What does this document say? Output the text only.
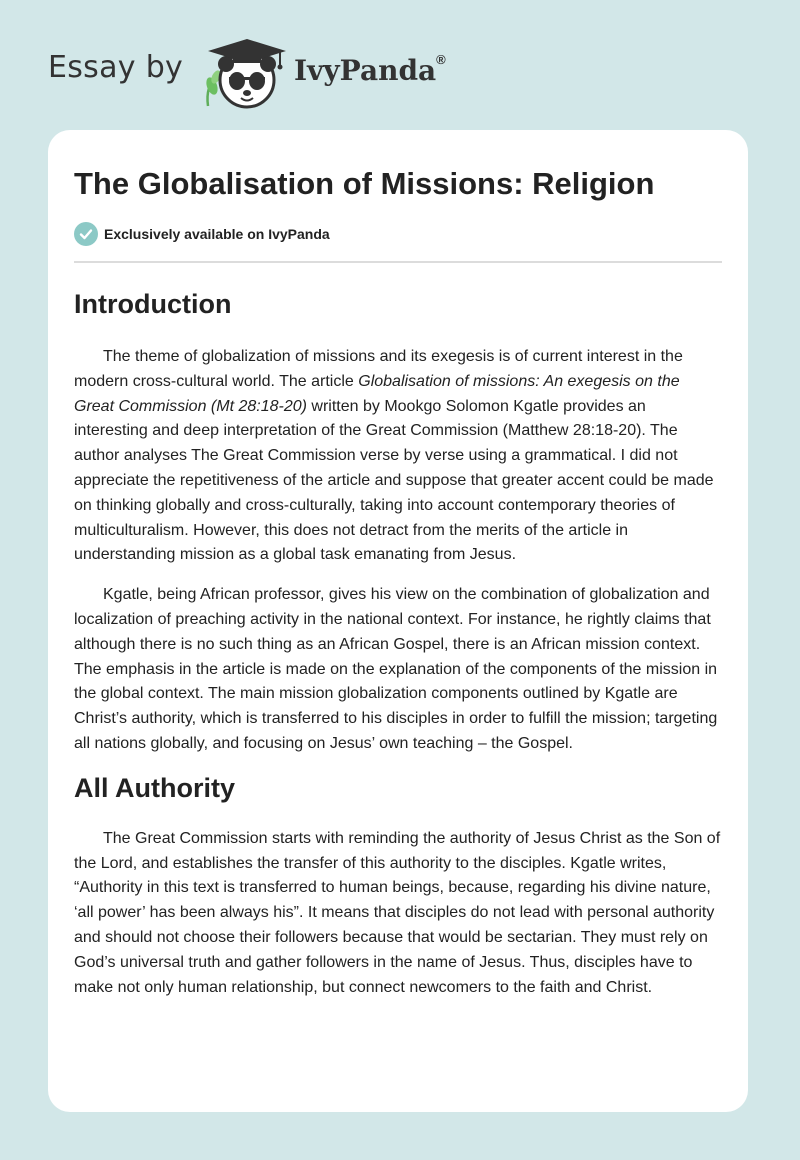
Essay by	IvyPanda®
The Globalisation of Missions: Religion
Exclusively available on IvyPanda
Introduction

The theme of globalization of missions and its exegesis is of current interest in the modern cross-cultural world. The article Globalisation of missions: An exegesis on the Great Commission (Mt 28:18-20) written by Mookgo Solomon Kgatle provides an interesting and deep interpretation of the Great Commission (Matthew 28:18-20). The author analyses The Great Commission verse by verse using a grammatical. I did not appreciate the repetitiveness of the article and suppose that greater accent could be made on thinking globally and cross-culturally, taking into account contemporary theories of multiculturalism. However, this does not detract from the merits of the article in understanding mission as a global task emanating from Jesus.

Kgatle, being African professor, gives his view on the combination of globalization and localization of preaching activity in the national context. For instance, he rightly claims that although there is no such thing as an African Gospel, there is an African mission context. The emphasis in the article is made on the explanation of the components of the mission in the global context. The main mission globalization components outlined by Kgatle are Christ’s authority, which is transferred to his disciples in order to fulfill the mission; targeting all nations globally, and focusing on Jesus’ own teaching – the Gospel.

All Authority

The Great Commission starts with reminding the authority of Jesus Christ as the Son of the Lord, and establishes the transfer of this authority to the disciples. Kgatle writes, “Authority in this text is transferred to human beings, because, regarding his divine nature, ‘all power’ has been always his”. It means that disciples do not lead with personal authority and should not choose their followers because that would be sectarian. They must rely on God’s universal truth and gather followers in the name of Jesus. Thus, disciples have to make not only human relationship, but connect newcomers to the faith and Christ.
